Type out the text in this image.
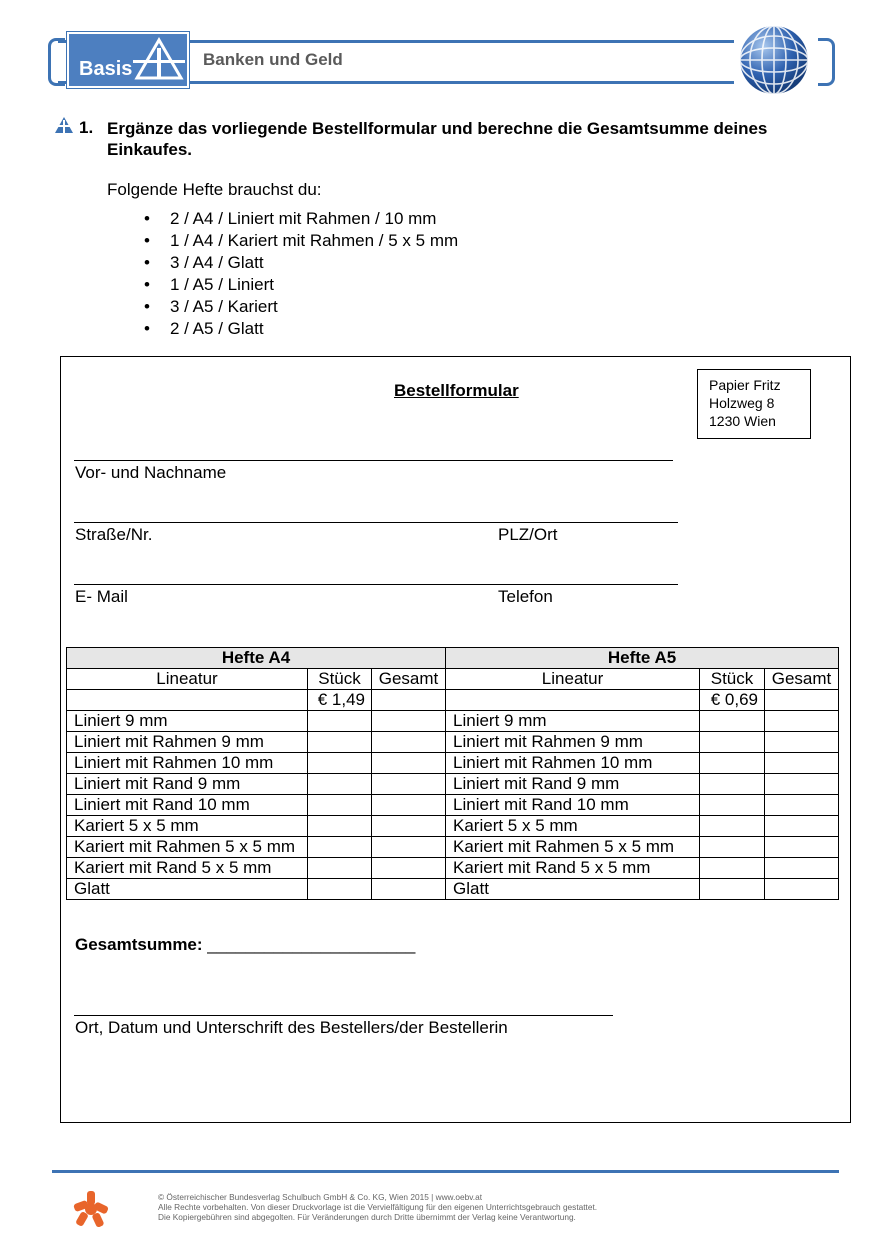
Basis	Banken und Geld
1. Ergänze das vorliegende Bestellformular und berechne die Gesamtsumme deines Einkaufes.
Folgende Hefte brauchst du:
• 2 / A4 / Liniert mit Rahmen / 10 mm
• 1 / A4 / Kariert mit Rahmen / 5 x 5 mm
• 3 / A4 / Glatt
• 1 / A5 / Liniert
• 3 / A5 / Kariert
• 2 / A5 / Glatt
Bestellformular	Papier Fritz
Holzweg 8
1230 Wien
Vor- und Nachname
Straße/Nr.	PLZ/Ort
E- Mail	Telefon
Hefte A4			Hefte A5		
Lineatur	Stück	Gesamt	Lineatur	Stück	Gesamt
	€ 1,49			€ 0,69	
Liniert 9 mm			Liniert 9 mm		
Liniert mit Rahmen 9 mm			Liniert mit Rahmen 9 mm		
Liniert mit Rahmen 10 mm			Liniert mit Rahmen 10 mm		
Liniert mit Rand 9 mm			Liniert mit Rand 9 mm		
Liniert mit Rand 10 mm			Liniert mit Rand 10 mm		
Kariert 5 x 5 mm			Kariert 5 x 5 mm		
Kariert mit Rahmen 5 x 5 mm			Kariert mit Rahmen 5 x 5 mm		
Kariert mit Rand 5 x 5 mm			Kariert mit Rand 5 x 5 mm		
Glatt			Glatt		
Gesamtsumme: ______________________
Ort, Datum und Unterschrift des Bestellers/der Bestellerin
© Österreichischer Bundesverlag Schulbuch GmbH & Co. KG, Wien 2015 | www.oebv.at
Alle Rechte vorbehalten. Von dieser Druckvorlage ist die Vervielfältigung für den eigenen Unterrichtsgebrauch gestattet.
Die Kopiergebühren sind abgegolten. Für Veränderungen durch Dritte übernimmt der Verlag keine Verantwortung.
